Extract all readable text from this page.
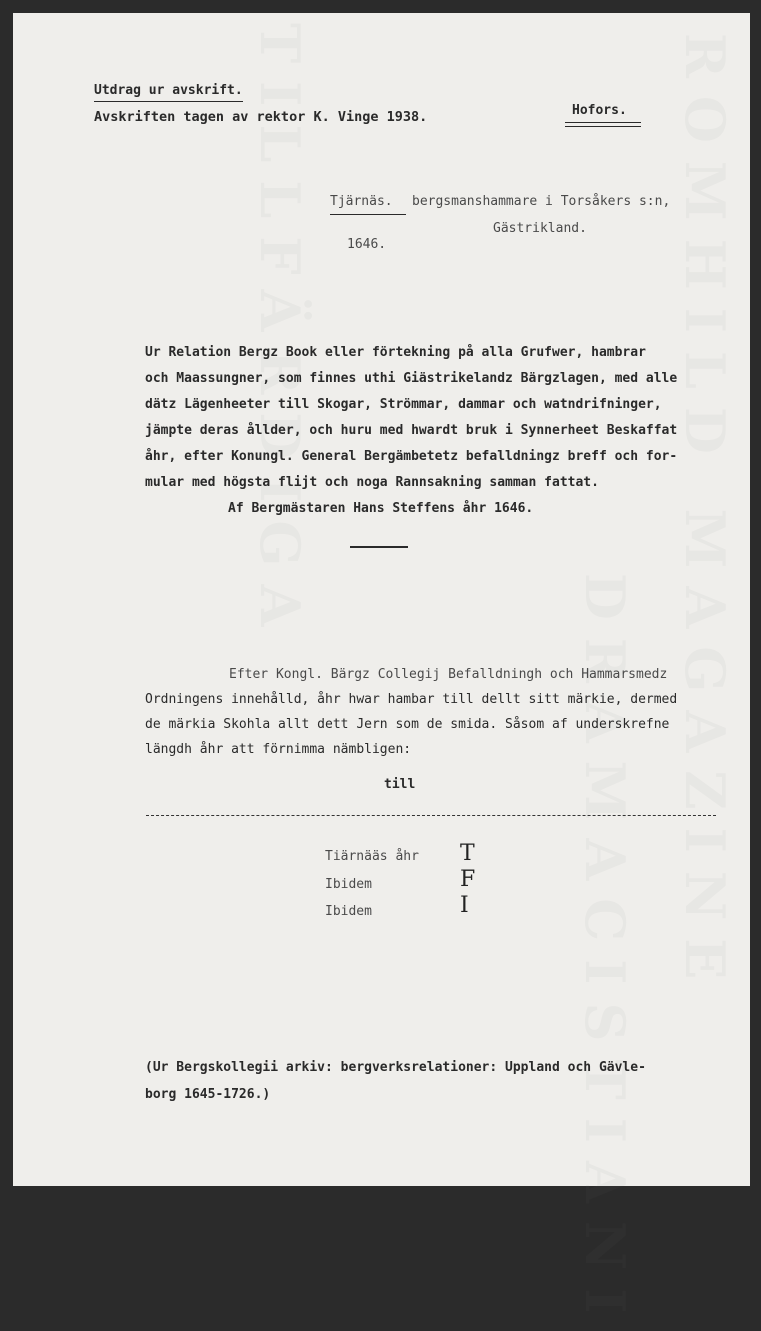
ROMHILD MAGAZINE
DRAMACISTIANI
TILLFÄRDIGA
Utdrag ur avskrift.
Avskriften tagen av rektor K. Vinge 1938.	Hofors.
Tjärnäs. bergsmanshammare i Torsåkers s:n,
Gästrikland.
1646.
Ur Relation Bergz Book eller förtekning på alla Grufwer, hambrar
och Maassungner, som finnes uthi Giästrikelandz Bärgzlagen, med alle
dätz Lägenheeter till Skogar, Strömmar, dammar och watndrifninger,
jämpte deras ållder, och huru med hwardt bruk i Synnerheet Beskaffat
åhr, efter Konungl. General Bergämbetetz befalldningz breff och for-
mular med högsta flijt och noga Rannsakning samman fattat.
Af Bergmästaren Hans Steffens åhr 1646.
Efter Kongl. Bärgz Collegij Befalldningh och Hammarsmedz
Ordningens innehålld, åhr hwar hambar till dellt sitt märkie, dermed
de märkia Skohla allt dett Jern som de smida. Såsom af underskrefne
längdh åhr att förnimma nämbligen:
till
Tiärnääs åhr T
Ibidem	F
Ibidem	I
(Ur Bergskollegii arkiv: bergverksrelationer: Uppland och Gävle-
borg 1645-1726.)
